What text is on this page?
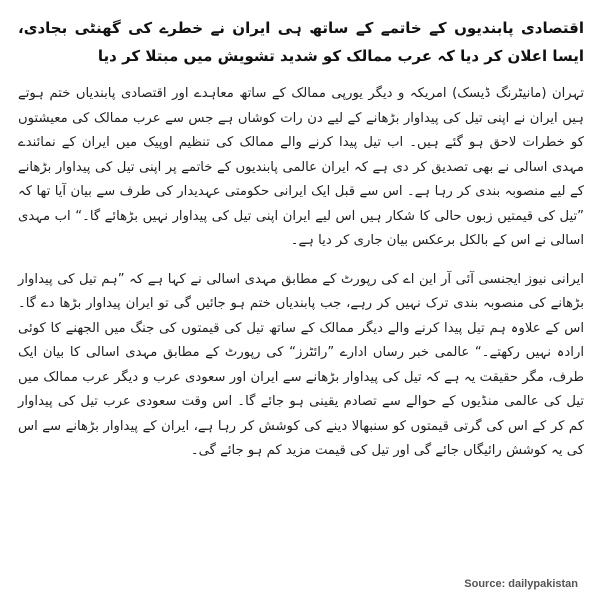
اقتصادی پابندیوں کے خاتمے کے ساتھ ہی ایران نے خطرے کی گھنٹی بجادی، ایسا اعلان کر دیا کہ عرب ممالک کو شدید تشویش میں مبتلا کر دیا

تہران (مانیٹرنگ ڈیسک) امریکہ و دیگر یورپی ممالک کے ساتھ معاہدے اور اقتصادی پابندیاں ختم ہوتے ہیں ایران نے اپنی تیل کی پیداوار بڑھانے کے لیے دن رات کوشاں ہے جس سے عرب ممالک کی معیشتوں کو خطرات لاحق ہو گئے ہیں۔ اب تیل پیدا کرنے والے ممالک کی تنظیم اوپیک میں ایران کے نمائندے مہدی اسالی نے بھی تصدیق کر دی ہے کہ ایران عالمی پابندیوں کے خاتمے پر اپنی تیل کی پیداوار بڑھانے کے لیے منصوبہ بندی کر رہا ہے۔ اس سے قبل ایک ایرانی حکومتی عہدیدار کی طرف سے بیان آیا تھا کہ ”تیل کی قیمتیں زبوں حالی کا شکار ہیں اس لیے ایران اپنی تیل کی پیداوار نہیں بڑھائے گا۔“ اب مہدی اسالی نے اس کے بالکل برعکس بیان جاری کر دیا ہے۔

ایرانی نیوز ایجنسی آئی آر این اے کی رپورٹ کے مطابق مہدی اسالی نے کہا ہے کہ ”ہم تیل کی پیداوار بڑھانے کی منصوبہ بندی ترک نہیں کر رہے، جب پابندیاں ختم ہو جائیں گی تو ایران پیداوار بڑھا دے گا۔ اس کے علاوہ ہم تیل پیدا کرنے والے دیگر ممالک کے ساتھ تیل کی قیمتوں کی جنگ میں الجھنے کا کوئی ارادہ نہیں رکھتے۔“ عالمی خبر رساں ادارے ”رائٹرز“ کی رپورٹ کے مطابق مہدی اسالی کا بیان ایک طرف، مگر حقیقت یہ ہے کہ تیل کی پیداوار بڑھانے سے ایران اور سعودی عرب و دیگر عرب ممالک میں تیل کی عالمی منڈیوں کے حوالے سے تصادم یقینی ہو جائے گا۔ اس وقت سعودی عرب تیل کی پیداوار کم کر کے اس کی گرتی قیمتوں کو سنبھالا دینے کی کوشش کر رہا ہے، ایران کے پیداوار بڑھانے سے اس کی یہ کوشش رائیگاں جائے گی اور تیل کی قیمت مزید کم ہو جائے گی۔

Source: dailypakistan
